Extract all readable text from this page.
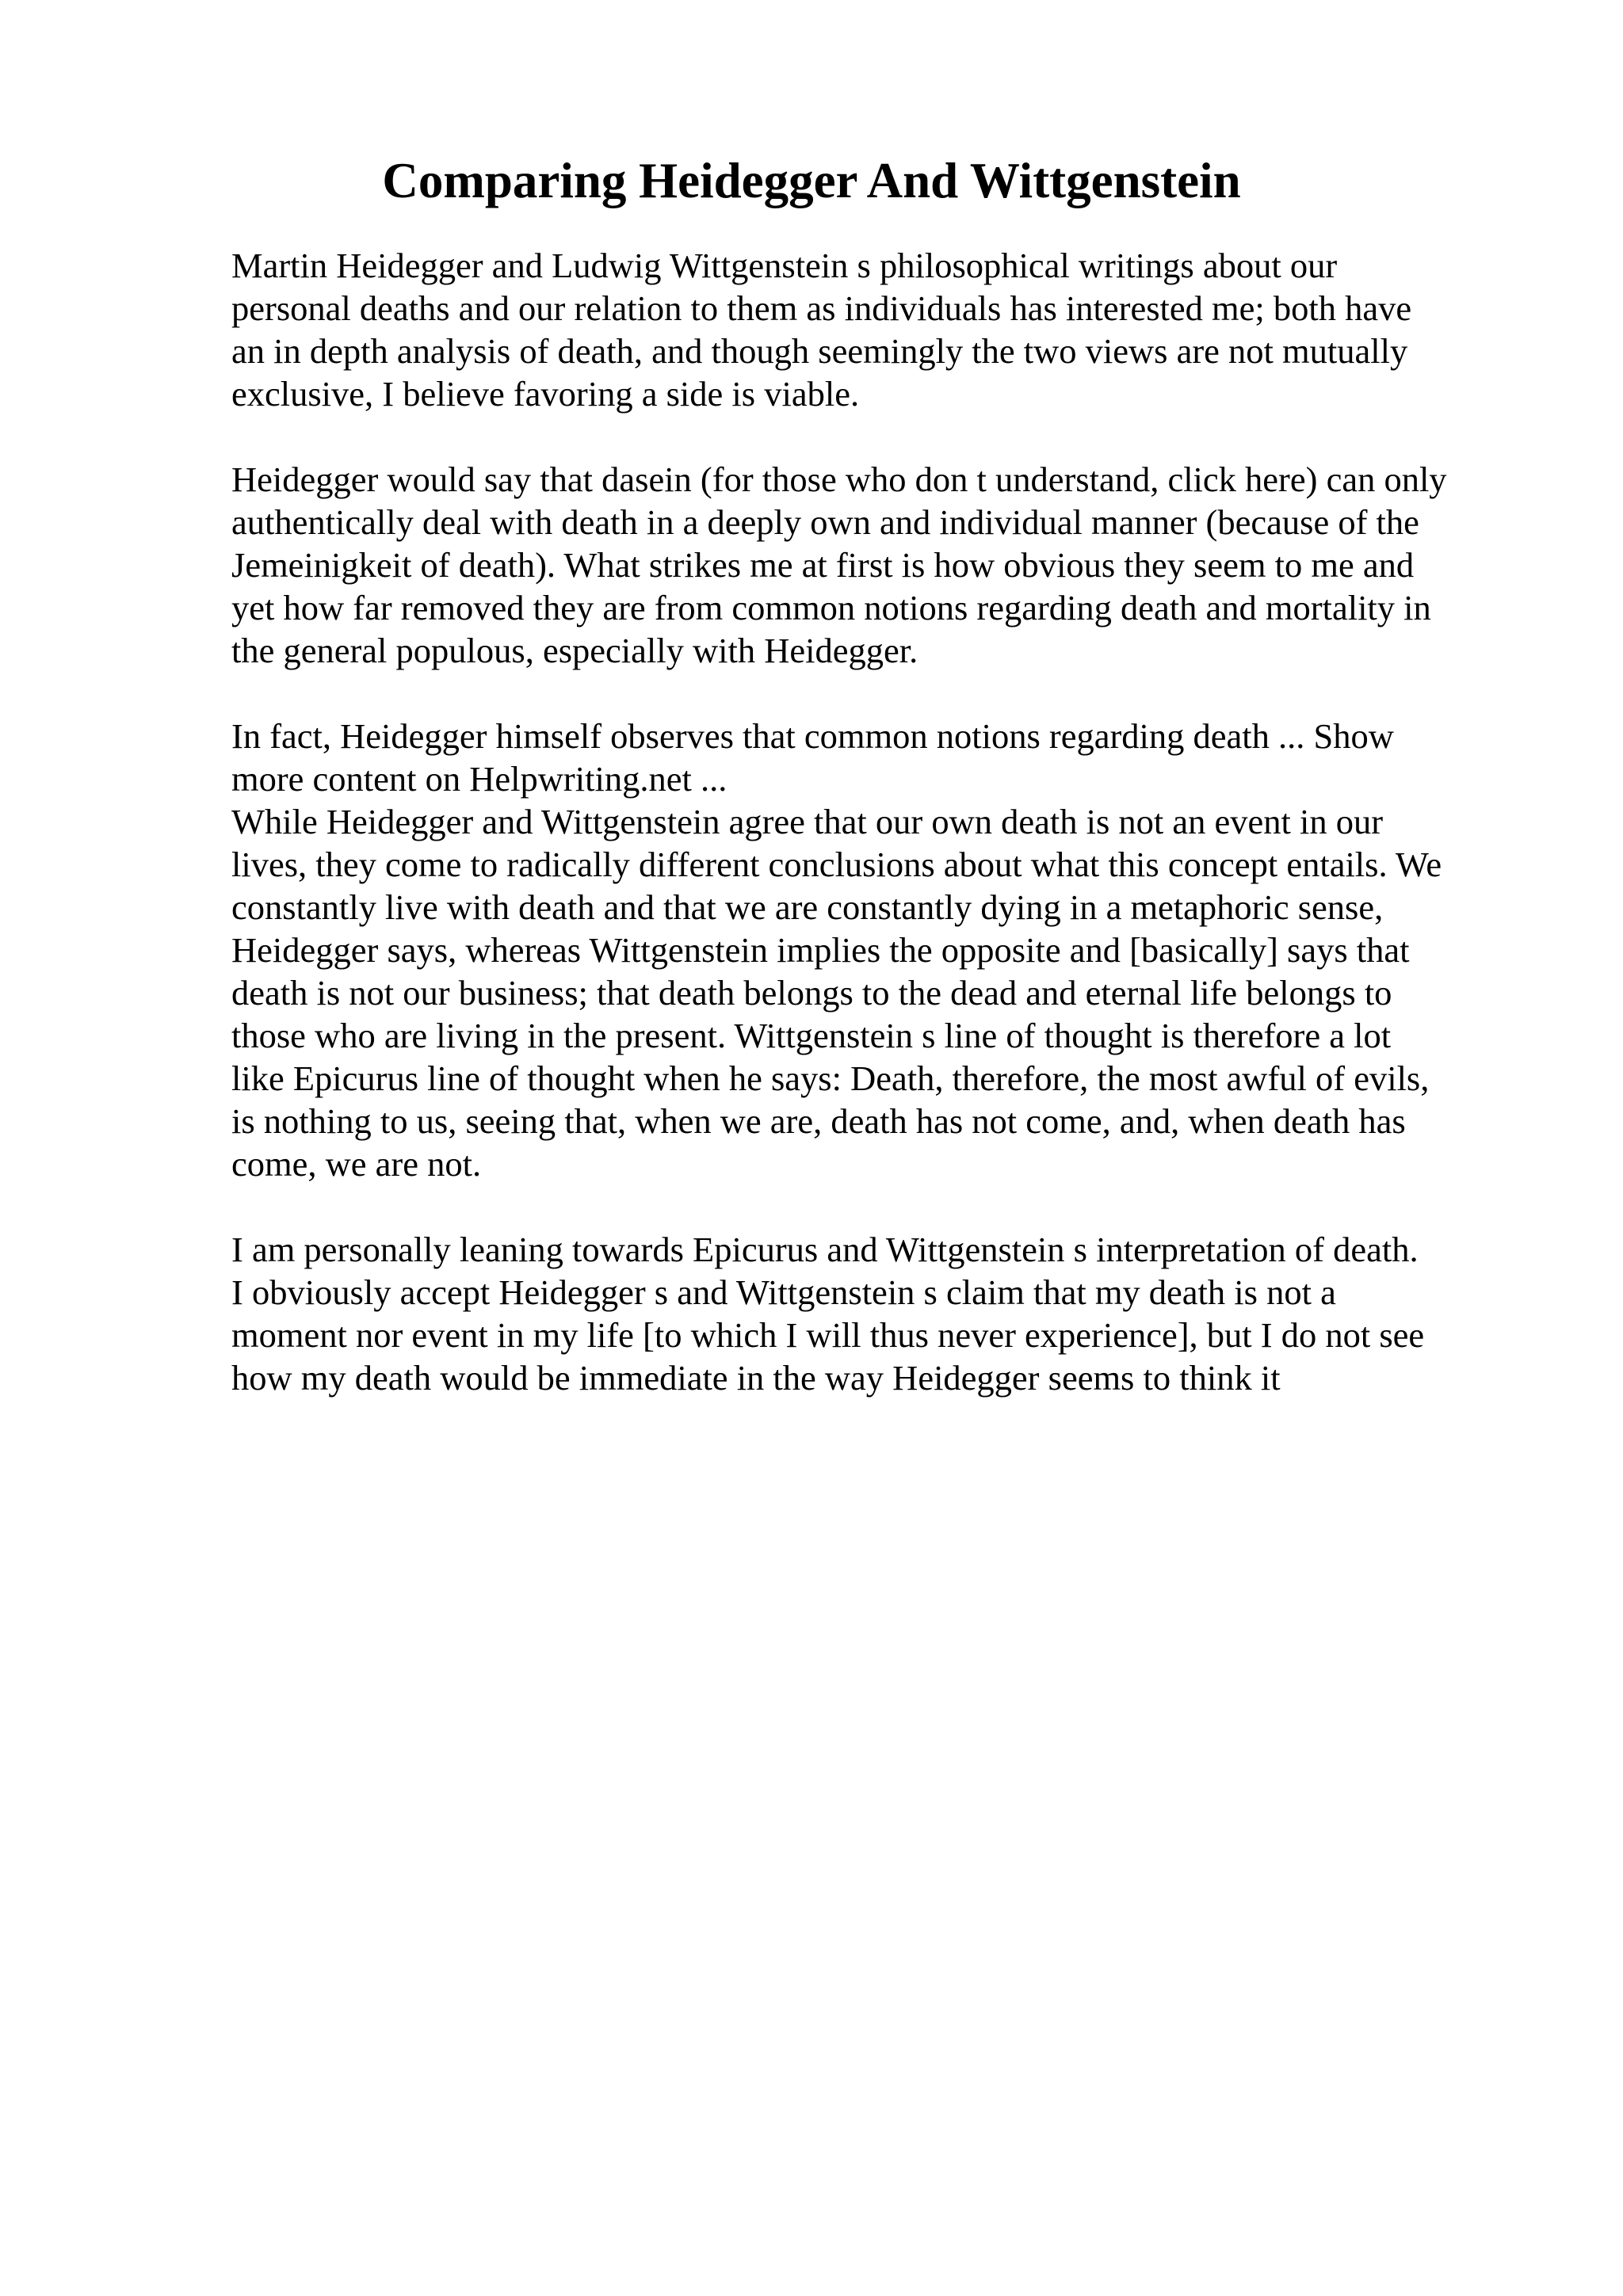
Comparing Heidegger And Wittgenstein
Martin Heidegger and Ludwig Wittgenstein s philosophical writings about our
personal deaths and our relation to them as individuals has interested me; both have
an in depth analysis of death, and though seemingly the two views are not mutually
exclusive, I believe favoring a side is viable.
Heidegger would say that dasein (for those who don t understand, click here) can only
authentically deal with death in a deeply own and individual manner (because of the
Jemeinigkeit of death). What strikes me at first is how obvious they seem to me and
yet how far removed they are from common notions regarding death and mortality in
the general populous, especially with Heidegger.
In fact, Heidegger himself observes that common notions regarding death ... Show
more content on Helpwriting.net ...
While Heidegger and Wittgenstein agree that our own death is not an event in our
lives, they come to radically different conclusions about what this concept entails. We
constantly live with death and that we are constantly dying in a metaphoric sense,
Heidegger says, whereas Wittgenstein implies the opposite and [basically] says that
death is not our business; that death belongs to the dead and eternal life belongs to
those who are living in the present. Wittgenstein s line of thought is therefore a lot
like Epicurus line of thought when he says: Death, therefore, the most awful of evils,
is nothing to us, seeing that, when we are, death has not come, and, when death has
come, we are not.
I am personally leaning towards Epicurus and Wittgenstein s interpretation of death.
I obviously accept Heidegger s and Wittgenstein s claim that my death is not a
moment nor event in my life [to which I will thus never experience], but I do not see
how my death would be immediate in the way Heidegger seems to think it
